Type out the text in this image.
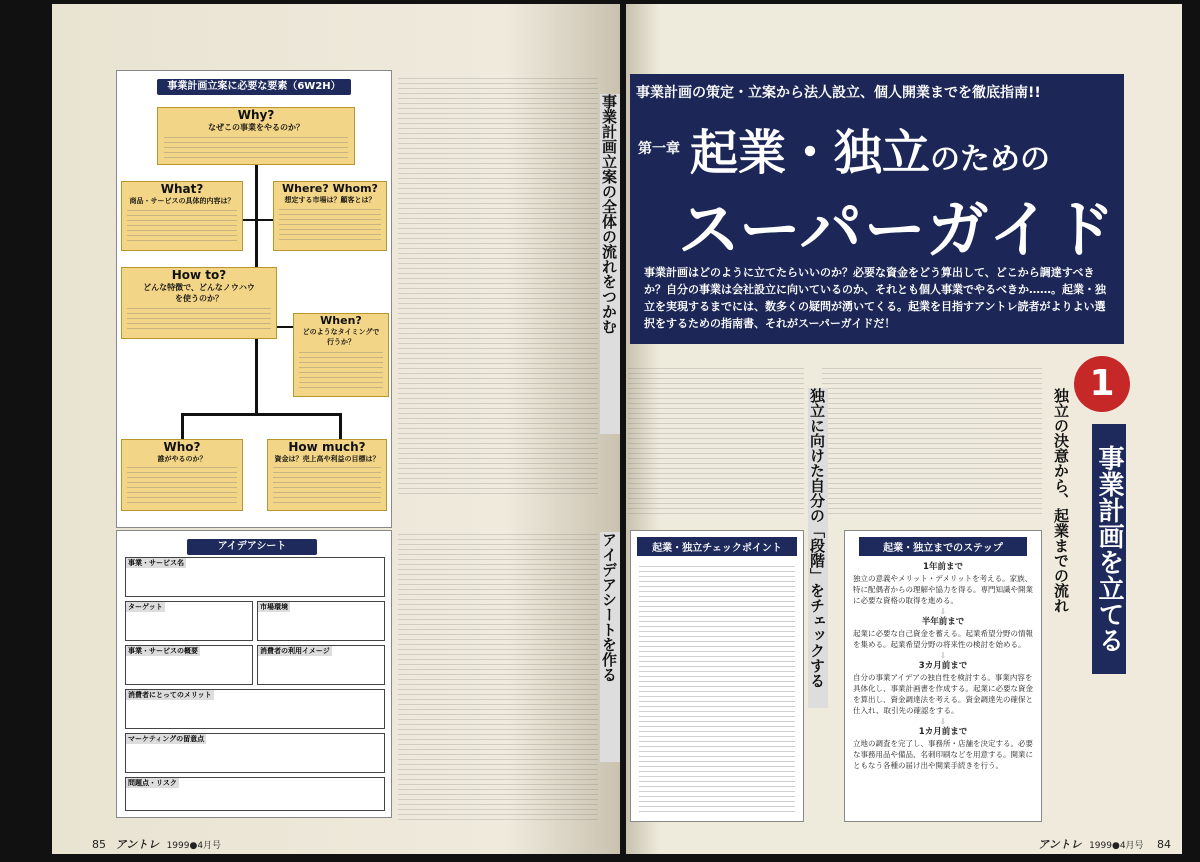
事業計画立案に必要な要素（6W2H）
Why?
なぜこの事業をやるのか？
What?
商品・サービスの具体的内容は？
Where? Whom?
想定する市場は？顧客とは？
How to?
どんな特徴で、どんなノウハウを使うのか？
When?
どのようなタイミングで行うか？
Who?
誰がやるのか？
How much?
資金は？売上高や利益の目標は？
アイデアシート
事業・サービス名
ターゲット	市場環境
事業・サービスの概要	消費者の利用イメージ
消費者にとってのメリット
マーケティングの留意点
問題点・リスク
事業計画立案の全体の流れをつかむ
アイデアシートを作る
85 アントレ 1999●4月号
事業計画の策定・立案から法人設立、個人開業までを徹底指南!!
第一章 起業・独立のための
スーパーガイド
事業計画はどのように立てたらいいのか？必要な資金をどう算出して、どこから調達すべきか？自分の事業は会社設立に向いているのか、それとも個人事業でやるべきか……。起業・独立を実現するまでには、数多くの疑問が湧いてくる。起業を目指すアントレ読者がよりよい選択をするための指南書、それがスーパーガイドだ！
1
事業計画を立てる
独立の決意から、起業までの流れ
独立に向けた自分の「段階」をチェックする
起業・独立チェックポイント	起業・独立までのステップ
1年前まで
独立の意義やメリット・デメリットを考える。家族、特に配偶者からの理解や協力を得る。専門知識や開業に必要な資格の取得を進める。
⇩
半年前まで
起業に必要な自己資金を蓄える。起業希望分野の情報を集める。起業希望分野の将来性の検討を始める。
⇩
3カ月前まで
自分の事業アイデアの独自性を検討する。事業内容を具体化し、事業計画書を作成する。起業に必要な資金を算出し、資金調達法を考える。資金調達先の確保と仕入れ、取引先の確認をする。
⇩
1カ月前まで
立地の調査を完了し、事務所・店舗を決定する。必要な事務用品や備品、名刺印刷などを用意する。開業にともなう各種の届け出や開業手続きを行う。
アントレ 1999●4月号 84
